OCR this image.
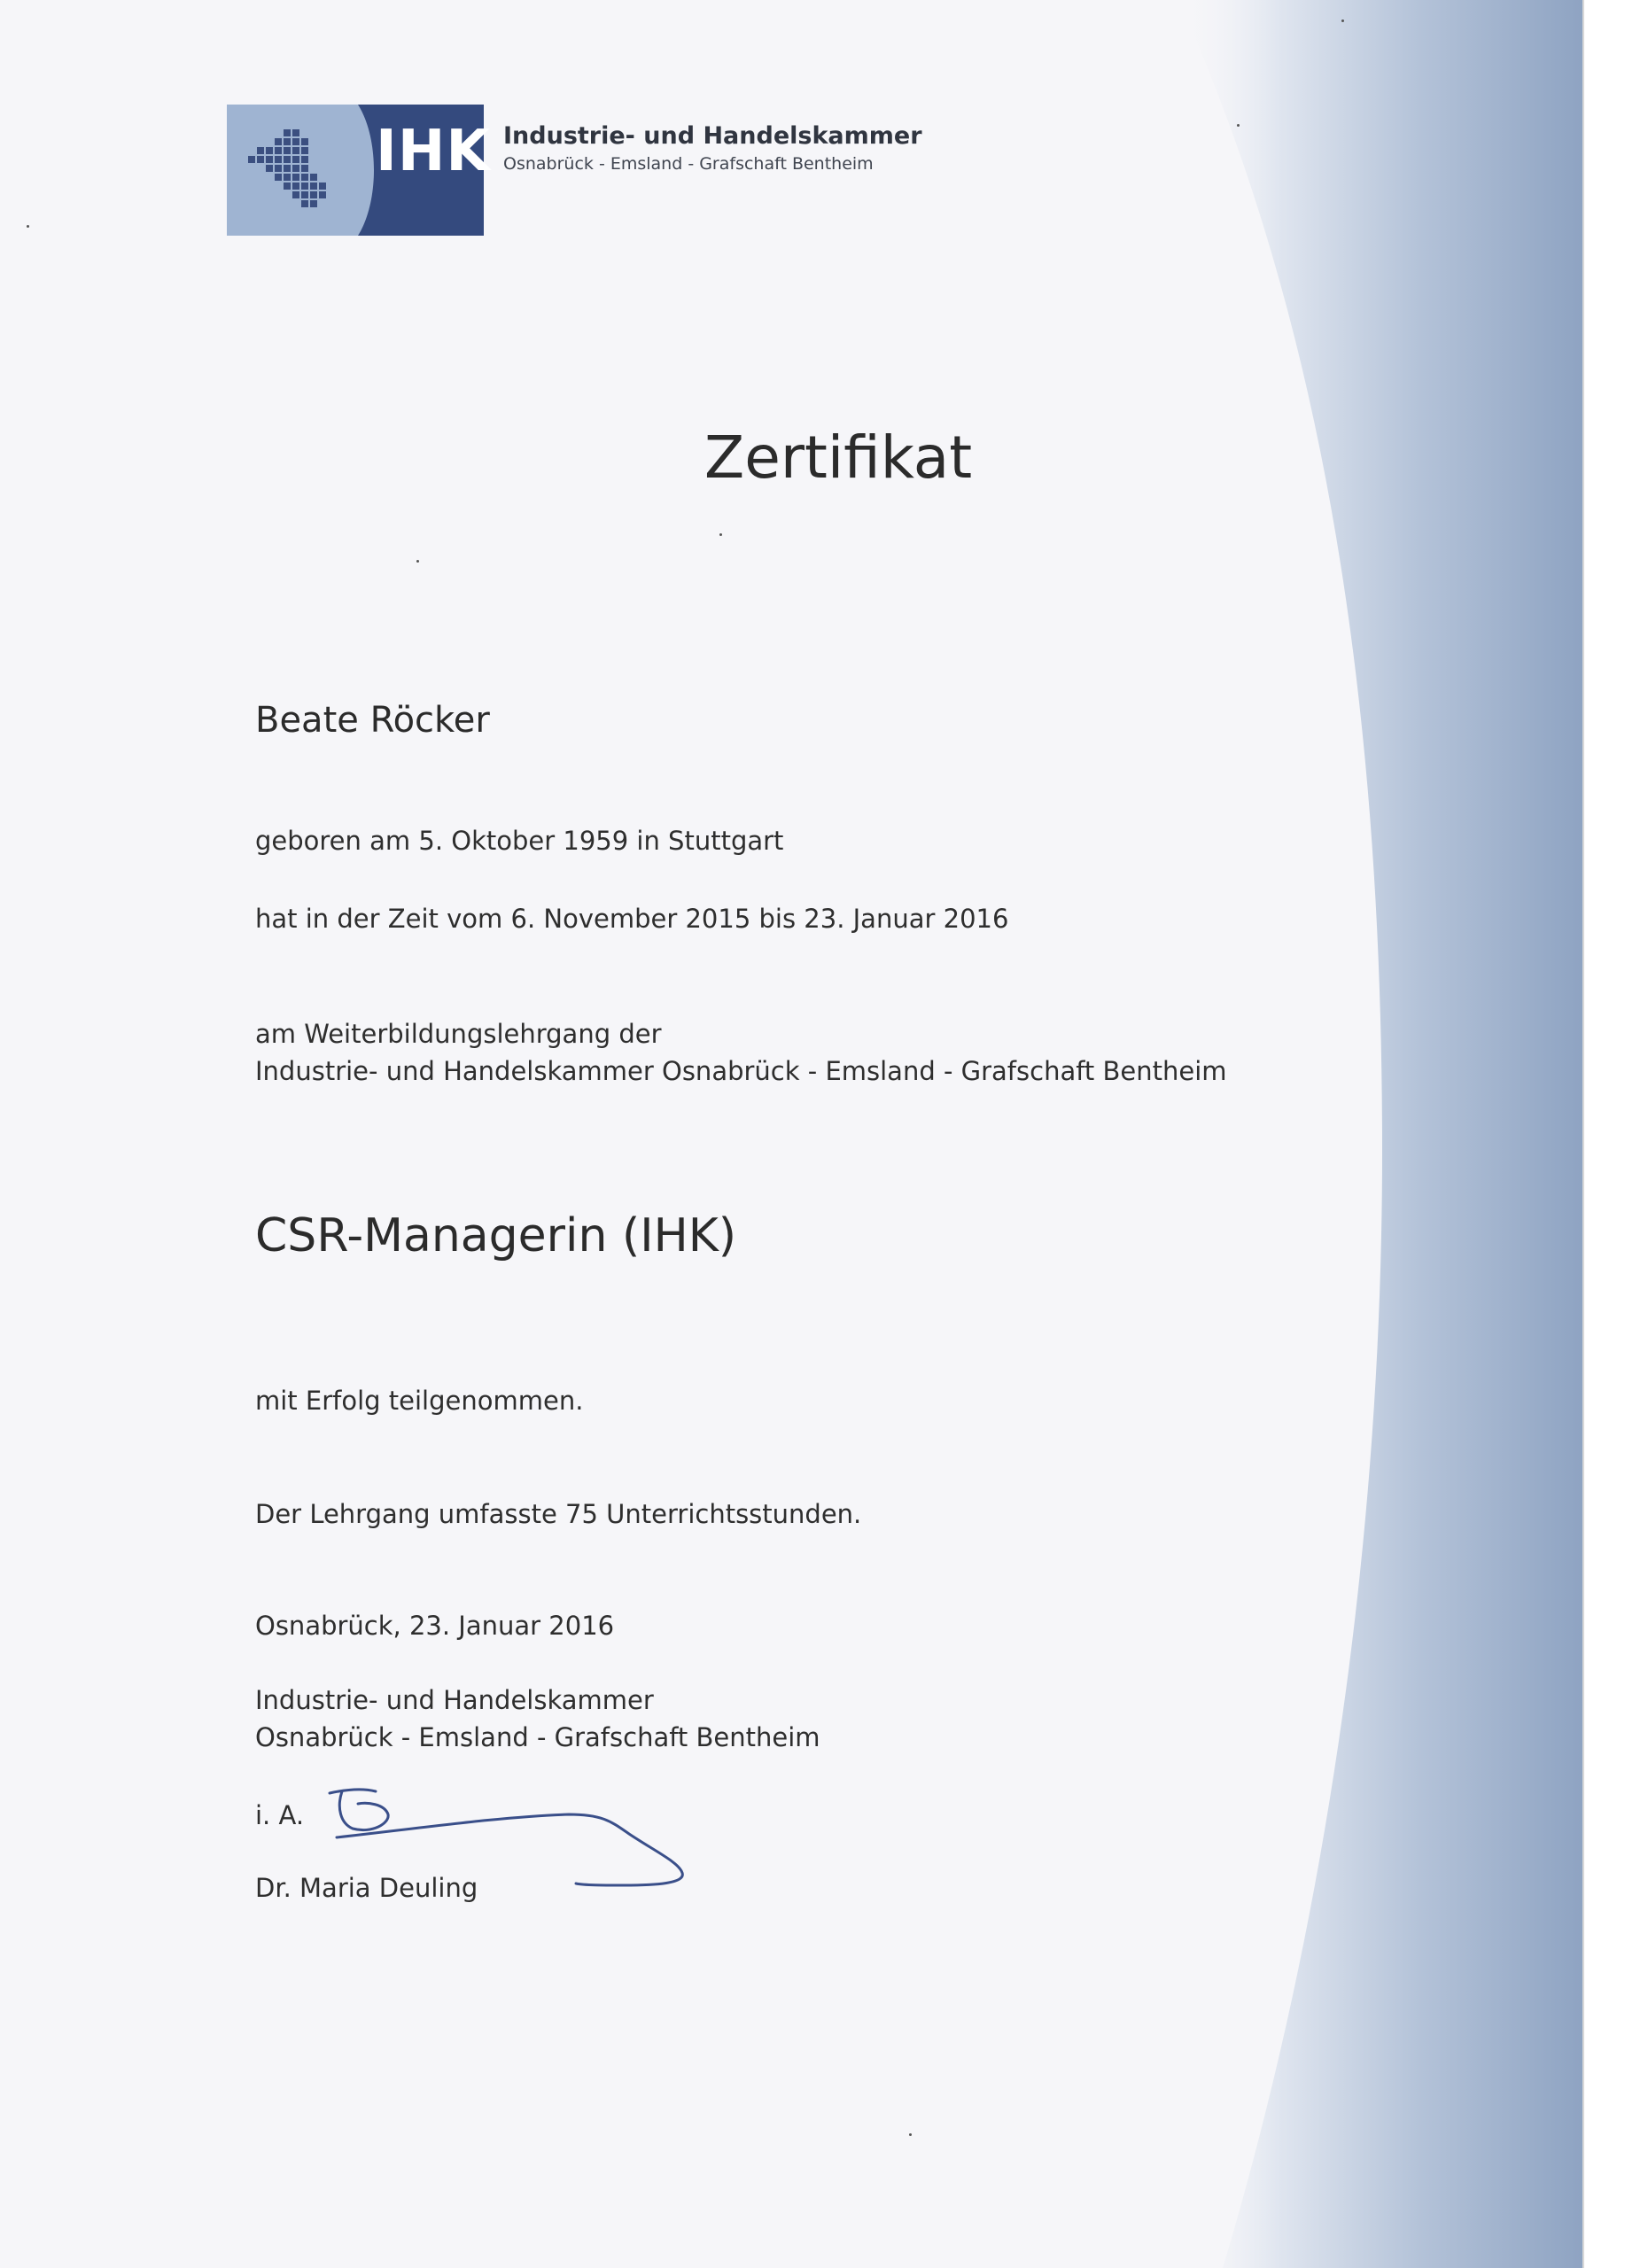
IHK Industrie- und Handelskammer
Osnabrück - Emsland - Grafschaft Bentheim
Zertifikat
Beate Röcker
geboren am 5. Oktober 1959 in Stuttgart
hat in der Zeit vom 6. November 2015 bis 23. Januar 2016
am Weiterbildungslehrgang der
Industrie- und Handelskammer Osnabrück - Emsland - Grafschaft Bentheim
CSR-Managerin (IHK)
mit Erfolg teilgenommen.
Der Lehrgang umfasste 75 Unterrichtsstunden.
Osnabrück, 23. Januar 2016
Industrie- und Handelskammer
Osnabrück - Emsland - Grafschaft Bentheim
i. A.
Dr. Maria Deuling
